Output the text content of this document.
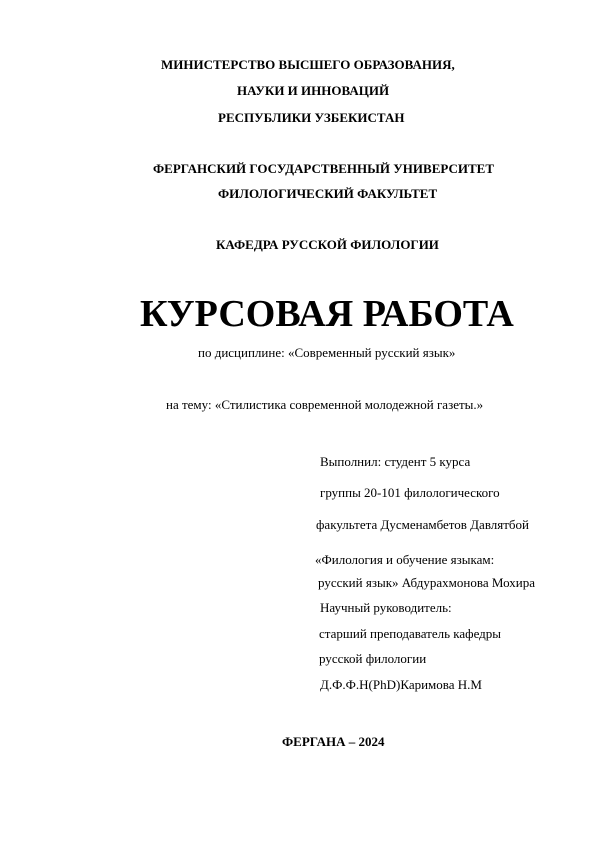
МИНИСТЕРСТВО ВЫСШЕГО ОБРАЗОВАНИЯ,
НАУКИ И ИННОВАЦИЙ
РЕСПУБЛИКИ УЗБЕКИСТАН
ФЕРГАНСКИЙ ГОСУДАРСТВЕННЫЙ УНИВЕРСИТЕТ
ФИЛОЛОГИЧЕСКИЙ ФАКУЛЬТЕТ
КАФЕДРА РУССКОЙ ФИЛОЛОГИИ
КУРСОВАЯ РАБОТА
по дисциплине: «Современный русский язык»
на тему: «Стилистика современной молодежной газеты.»
Выполнил: студент 5 курса
группы 20-101 филологического
факультета Дусменамбетов Давлятбой
«Филология и обучение языкам:
русский язык» Абдурахмонова Мохира
Научный руководитель:
старший преподаватель кафедры
русской филологии
Д.Ф.Ф.Н(PhD)Каримова Н.М
ФЕРГАНА – 2024
